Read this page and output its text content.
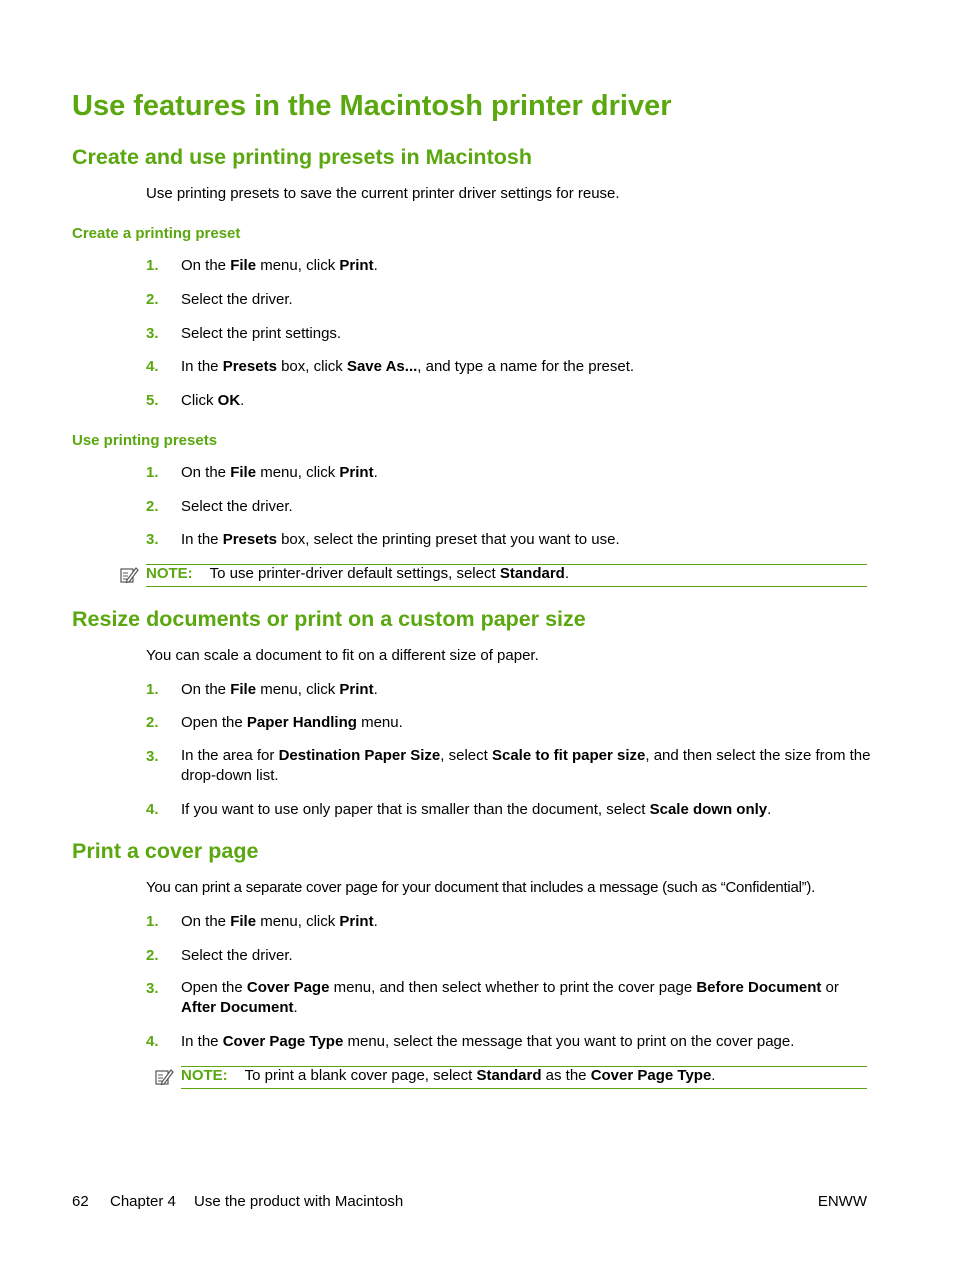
Use features in the Macintosh printer driver
Create and use printing presets in Macintosh
Use printing presets to save the current printer driver settings for reuse.
Create a printing preset
1. On the File menu, click Print.
2. Select the driver.
3. Select the print settings.
4. In the Presets box, click Save As..., and type a name for the preset.
5. Click OK.
Use printing presets
1. On the File menu, click Print.
2. Select the driver.
3. In the Presets box, select the printing preset that you want to use.
NOTE: To use printer-driver default settings, select Standard.
Resize documents or print on a custom paper size
You can scale a document to fit on a different size of paper.
1. On the File menu, click Print.
2. Open the Paper Handling menu.
3. In the area for Destination Paper Size, select Scale to fit paper size, and then select the size from the drop-down list.
4. If you want to use only paper that is smaller than the document, select Scale down only.
Print a cover page
You can print a separate cover page for your document that includes a message (such as “Confidential”).
1. On the File menu, click Print.
2. Select the driver.
3. Open the Cover Page menu, and then select whether to print the cover page Before Document or After Document.
4. In the Cover Page Type menu, select the message that you want to print on the cover page.
NOTE: To print a blank cover page, select Standard as the Cover Page Type.
62 Chapter 4 Use the product with Macintosh	ENWW
